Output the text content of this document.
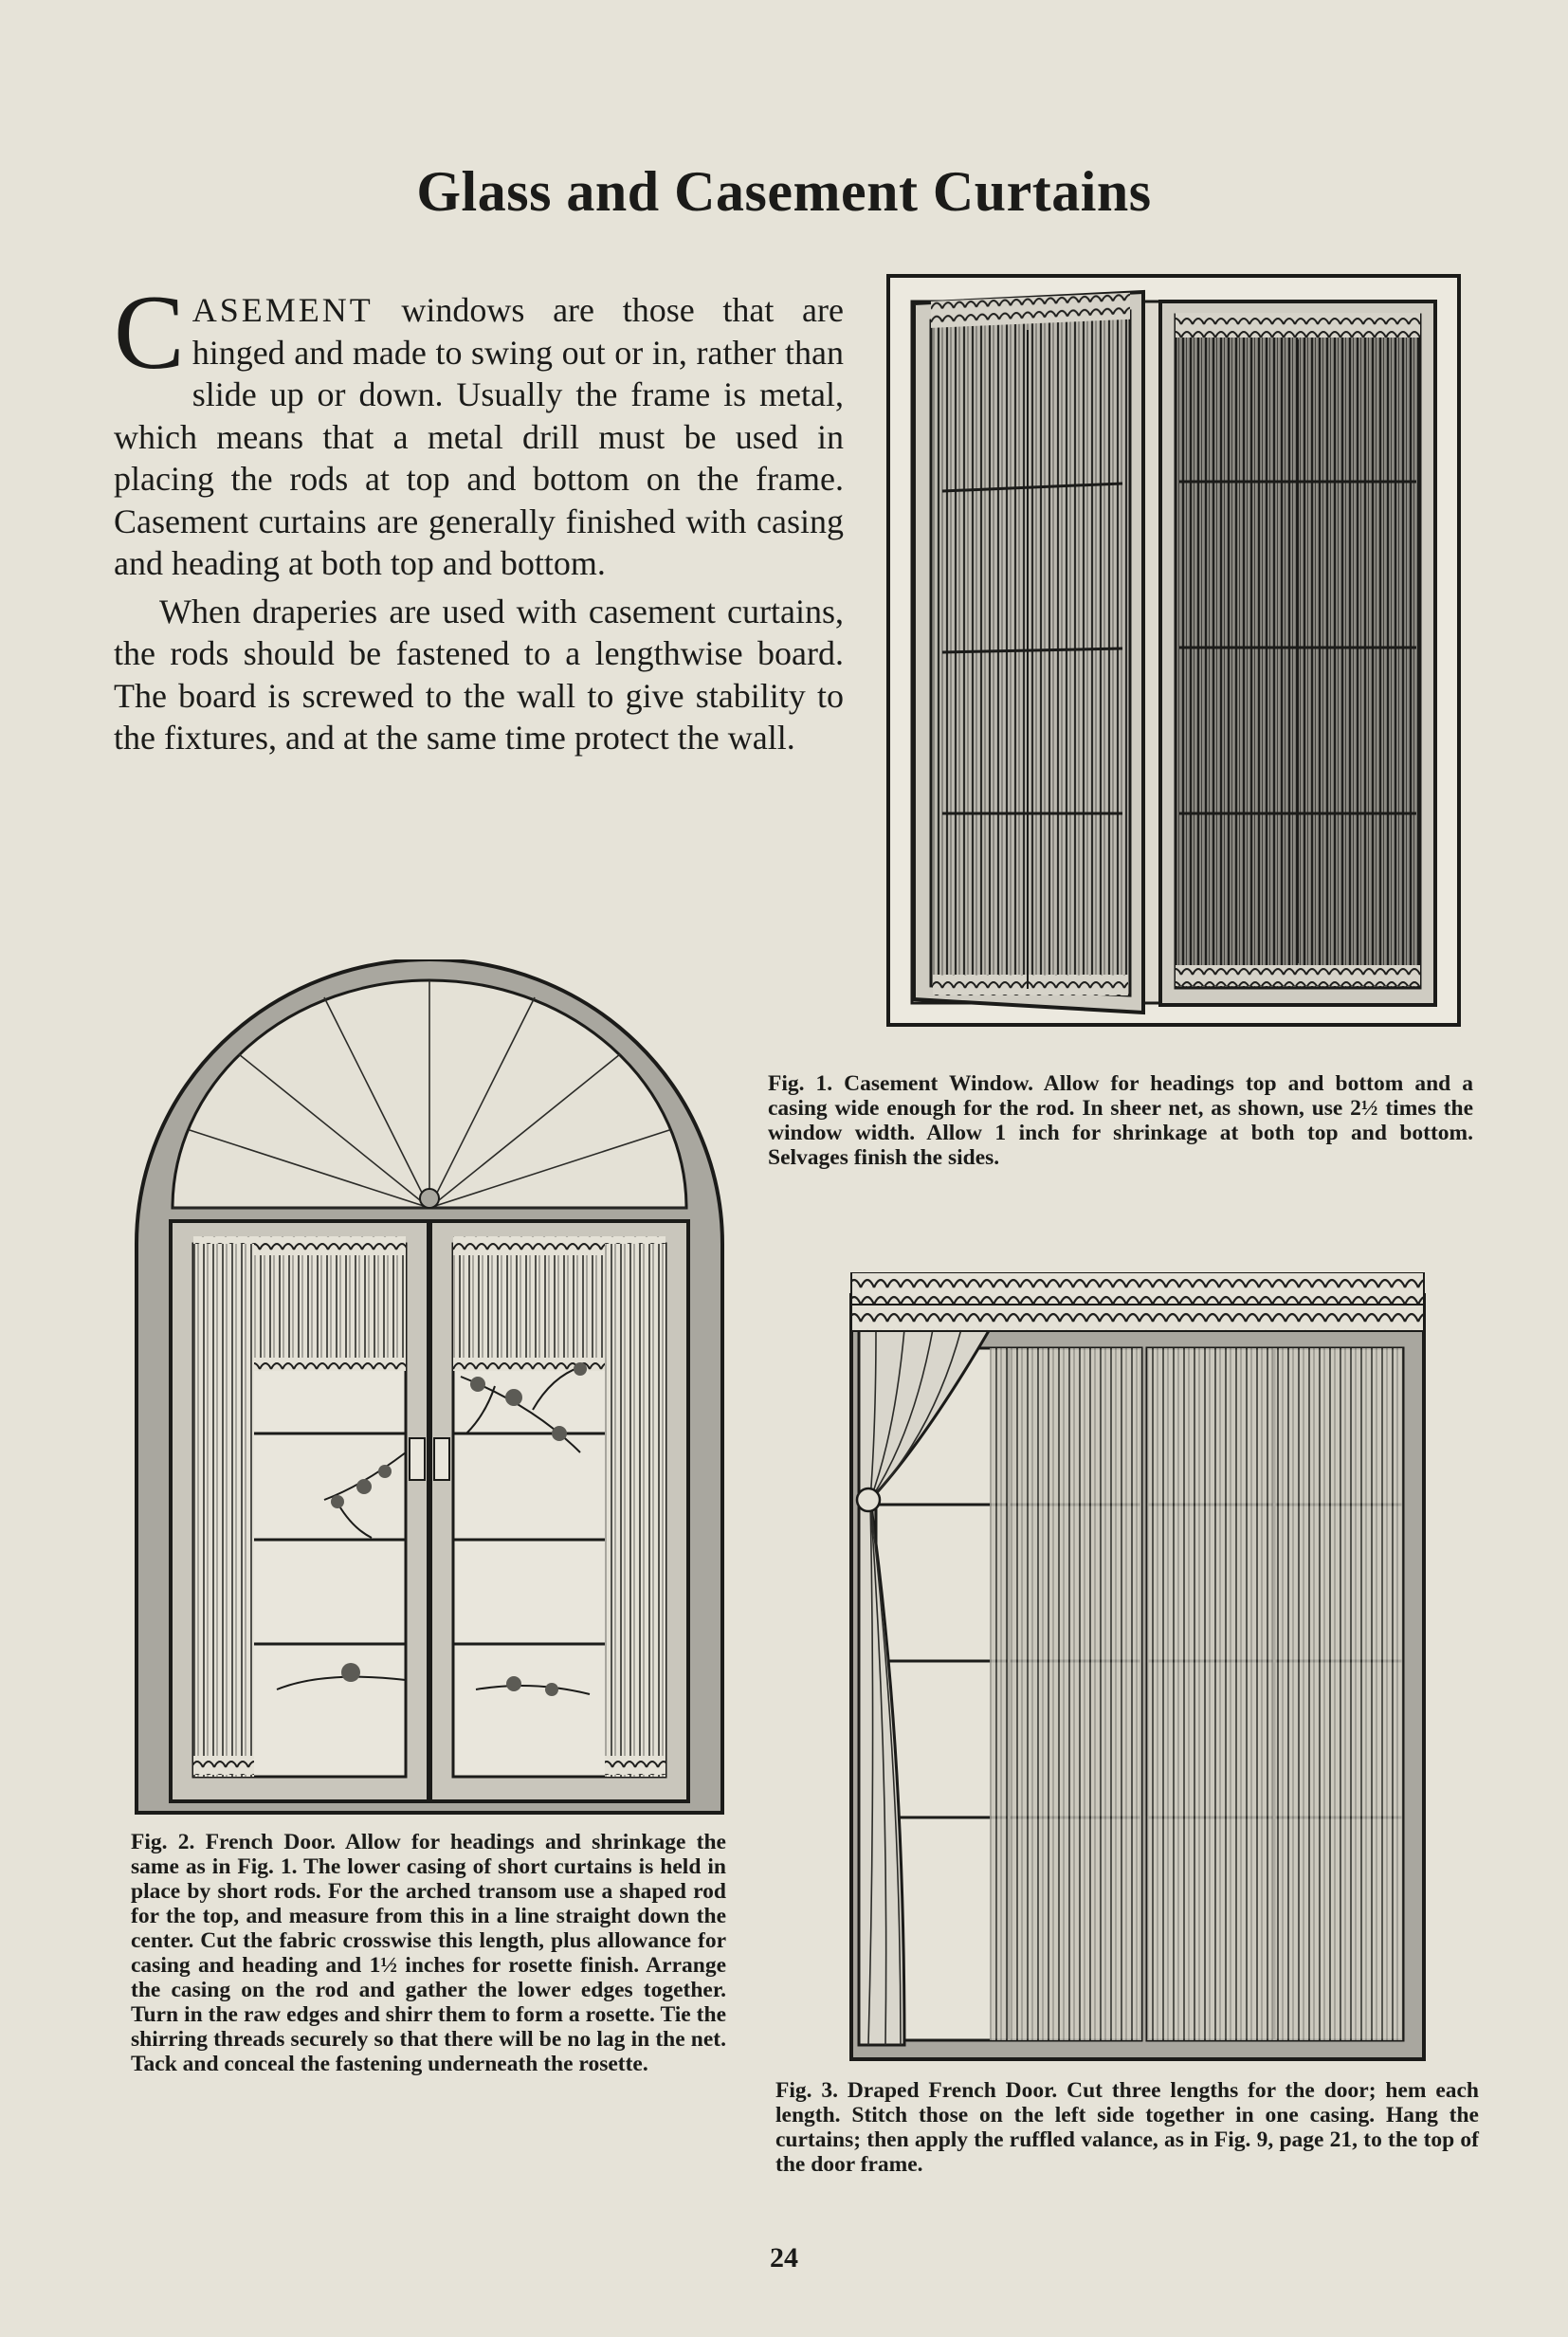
Glass and Casement Curtains

CASEMENT windows are those that are hinged and made to swing out or in, rather than slide up or down. Usually the frame is metal, which means that a metal drill must be used in placing the rods at top and bottom on the frame. Casement curtains are generally finished with casing and heading at both top and bottom.

When draperies are used with casement curtains, the rods should be fastened to a lengthwise board. The board is screwed to the wall to give stability to the fixtures, and at the same time protect the wall.

Fig. 1. Casement Window. Allow for headings top and bottom and a casing wide enough for the rod. In sheer net, as shown, use 2½ times the window width. Allow 1 inch for shrinkage at both top and bottom. Selvages finish the sides.

Fig. 2. French Door. Allow for headings and shrinkage the same as in Fig. 1. The lower casing of short curtains is held in place by short rods. For the arched transom use a shaped rod for the top, and measure from this in a line straight down the center. Cut the fabric crosswise this length, plus allowance for casing and heading and 1½ inches for rosette finish. Arrange the casing on the rod and gather the lower edges together. Turn in the raw edges and shirr them to form a rosette. Tie the shirring threads securely so that there will be no lag in the net. Tack and conceal the fastening underneath the rosette.

Fig. 3. Draped French Door. Cut three lengths for the door; hem each length. Stitch those on the left side together in one casing. Hang the curtains; then apply the ruffled valance, as in Fig. 9, page 21, to the top of the door frame.

24
